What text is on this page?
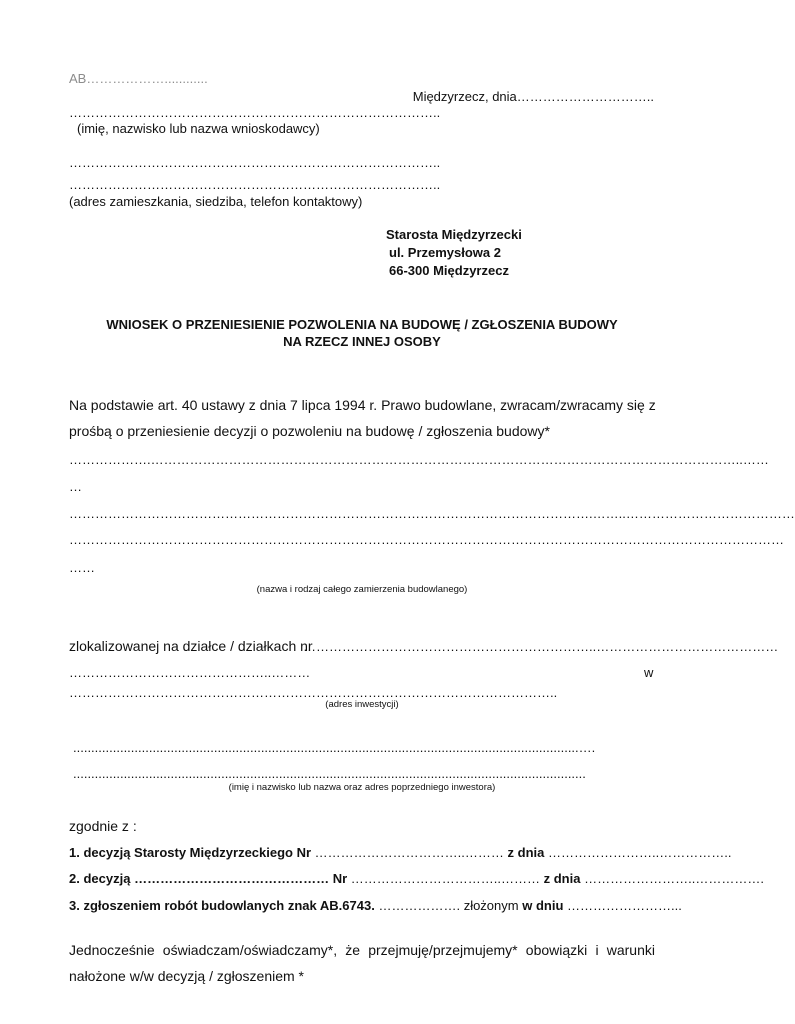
AB………………............
Międzyrzecz, dnia…………………………..
…………………………………………………………………………..
(imię, nazwisko lub nazwa wnioskodawcy)
…………………………………………………………………………..
…………………………………………………………………………..
(adres zamieszkania, siedziba, telefon kontaktowy)
Starosta Międzyrzecki
ul. Przemysłowa 2
66-300 Międzyrzecz
WNIOSEK O PRZENIESIENIE POZWOLENIA NA BUDOWĘ / ZGŁOSZENIA BUDOWY
NA RZECZ INNEJ OSOBY
Na podstawie art. 40 ustawy z dnia 7 lipca 1994 r. Prawo budowlane, zwracam/zwracamy się z
prośbą o przeniesienie decyzji o pozwoleniu na budowę / zgłoszenia budowy*
……………….………………………………………………………………………………………………………………………..……
…
………………………………………………………………………………………………………….……..…………………………………
…………………………………………………………………………………………………………………………………………………
……
(nazwa i rodzaj całego zamierzenia budowlanego)
zlokalizowanej na działce / działkach nr
…………………………………………………………..……………………………………
………………………………………..………	w
…………………………………………………………………………………………………..
(adres inwestycji)
............................................................................................................................................….
..............................................................................................................................................
(imię i nazwisko lub nazwa oraz adres poprzedniego inwestora)
zgodnie z :
1. decyzją Starosty Międzyrzeckiego Nr ……………………………..……… z dnia ……………………..……………..
2. decyzją ……………………………………… Nr ……………………………..……… z dnia ……………………..…………….
3. zgłoszeniem robót budowlanych znak AB.6743. ………………. złożonym w dniu ……………………...
Jednocześnie oświadczam/oświadczamy*, że przejmuję/przejmujemy* obowiązki i warunki
nałożone w/w decyzją / zgłoszeniem *
